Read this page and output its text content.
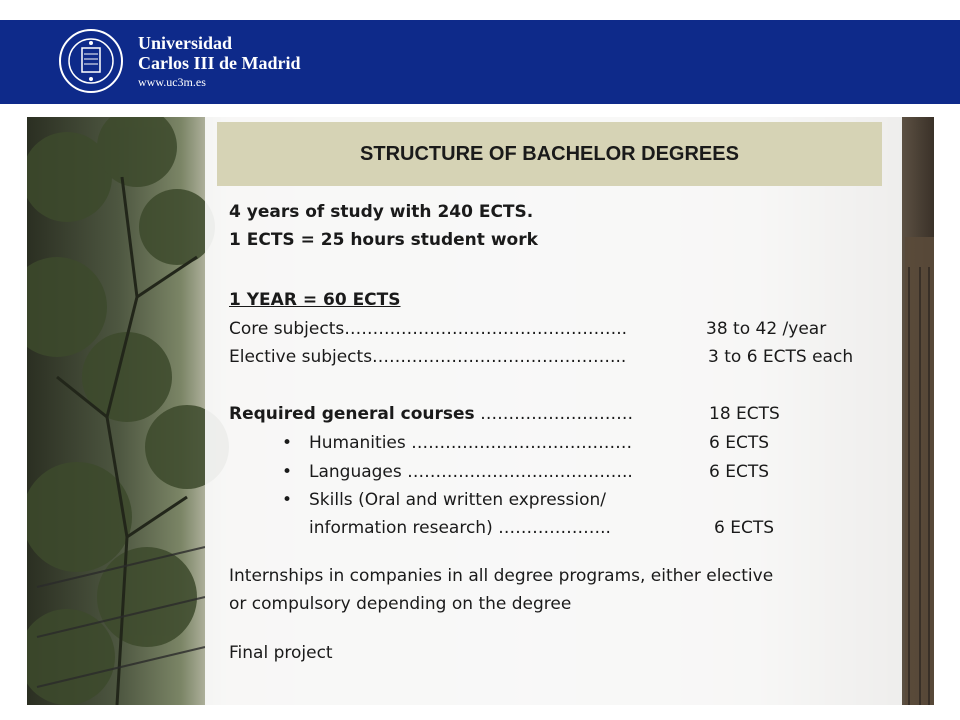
Universidad
Carlos III de Madrid
www.uc3m.es
STRUCTURE OF BACHELOR DEGREES
4 years of study with 240 ECTS.
1 ECTS = 25 hours student work
1 YEAR = 60 ECTS
Core subjects…………………………………………..	38 to 42 /year
Elective subjects……………………………………...	3 to 6 ECTS each
Required general courses ………………………	18 ECTS
• Humanities …………………………………	6 ECTS
• Languages ……………………..…………..	6 ECTS
• Skills (Oral and written expression/
information research) ………………..	6 ECTS
Internships in companies in all degree programs, either elective
or compulsory depending on the degree
Final project
